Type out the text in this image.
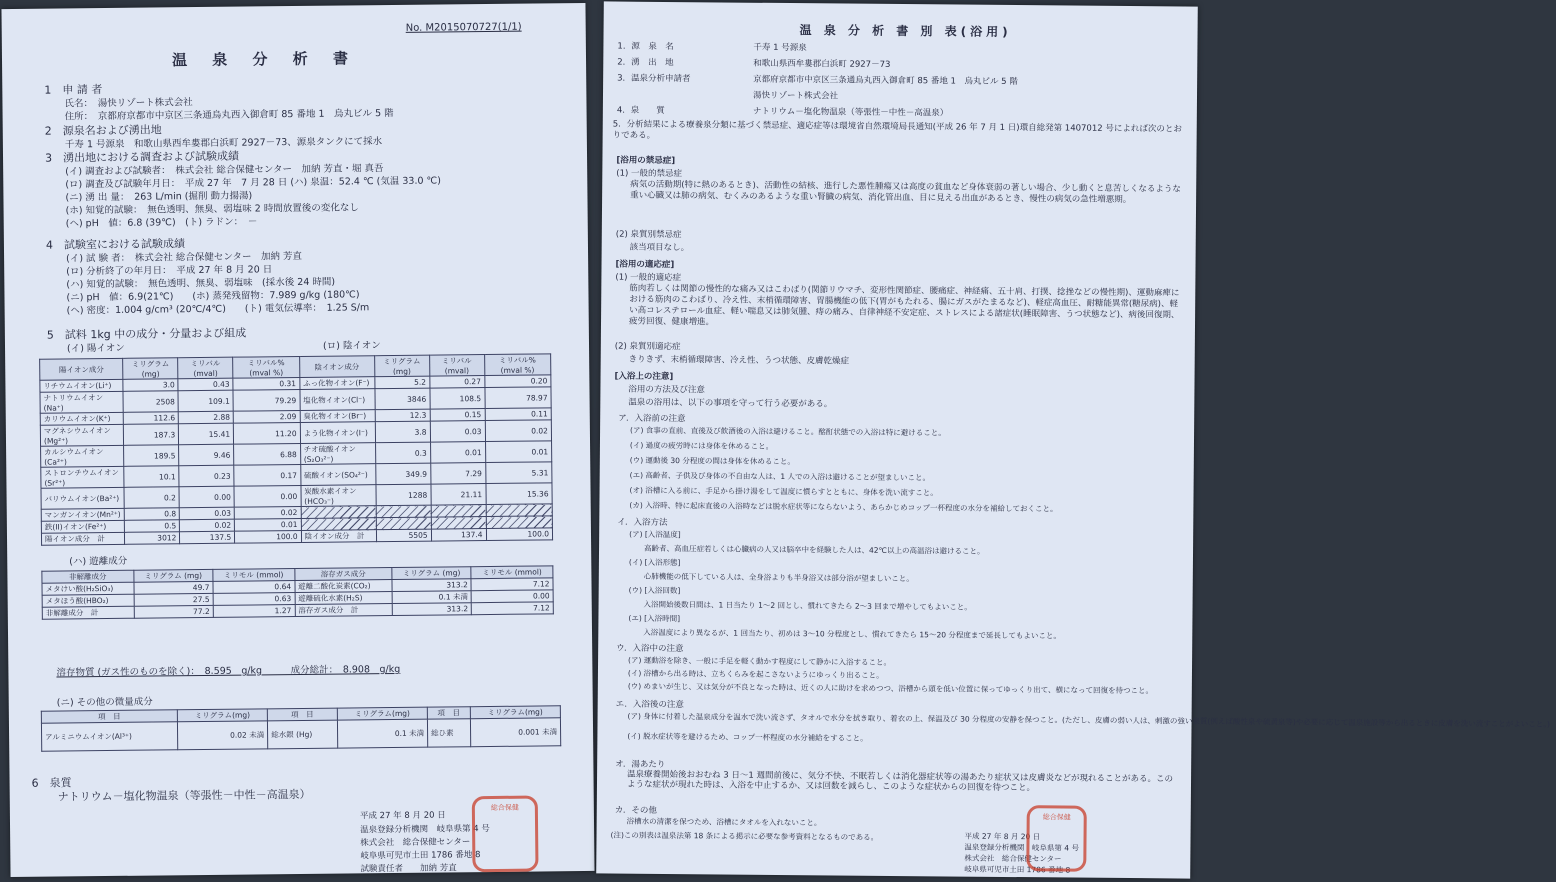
No. M2015070727(1/1)
温 泉 分 析 書
1　申 請 者
氏名：　湯快リゾート株式会社
住所：　京都府京都市中京区三条通烏丸西入御倉町 85 番地 1　烏丸ビル 5 階
2　源泉名および湧出地
千寿 1 号源泉　和歌山県西牟婁郡白浜町 2927－73、源泉タンクにて採水
3　湧出地における調査および試験成績
(イ) 調査および試験者：　株式会社 総合保健センター　加納 芳直・堀 真吾
(ロ) 調査及び試験年月日：　平成 27 年　7 月 28 日 (ハ) 泉温：52.4 ℃ (気温 33.0 ℃)
(ニ) 湧 出 量：　263 L/min (掘削 動力揚湯)
(ホ) 知覚的試験：　無色透明、無臭、弱塩味 2 時間放置後の変化なし
(ヘ) pH　値：6.8 (39℃)　(ト) ラドン：　－
4　試験室における試験成績
(イ) 試 験 者：　株式会社 総合保健センター　加納 芳直
(ロ) 分析終了の年月日：　平成 27 年 8 月 20 日
(ハ) 知覚的試験：　無色透明、無臭、弱塩味　(採水後 24 時間)
(ニ) pH　値：6.9(21℃)　　(ホ) 蒸発残留物：7.989 g/kg (180℃)
(ヘ) 密度：1.004 g/cm³ (20℃/4℃)　　(ト) 電気伝導率：　1.25 S/m
5　試料 1kg 中の成分・分量および組成
(イ) 陽イオン	(ロ) 陰イオン
陽イオン成分	ミリグラム (mg)	ミリバル (mval)	ミリバル% (mval %)	陰イオン成分	ミリグラム (mg)	ミリバル (mval)	ミリバル% (mval %)
リチウムイオン(Li⁺)	3.0	0.43	0.31	ふっ化物イオン(F⁻)	5.2	0.27	0.20
ナトリウムイオン(Na⁺)	2508	109.1	79.29	塩化物イオン(Cl⁻)	3846	108.5	78.97
カリウムイオン(K⁺)	112.6	2.88	2.09	臭化物イオン(Br⁻)	12.3	0.15	0.11
マグネシウムイオン(Mg²⁺)	187.3	15.41	11.20	よう化物イオン(I⁻)	3.8	0.03	0.02
カルシウムイオン(Ca²⁺)	189.5	9.46	6.88	チオ硫酸イオン(S₂O₃²⁻)	0.3	0.01	0.01
ストロンチウムイオン(Sr²⁺)	10.1	0.23	0.17	硫酸イオン(SO₄²⁻)	349.9	7.29	5.31
バリウムイオン(Ba²⁺)	0.2	0.00	0.00	炭酸水素イオン(HCO₃⁻)	1288	21.11	15.36
マンガンイオン(Mn²⁺)	0.8	0.03	0.02				
鉄(II)イオン(Fe²⁺)	0.5	0.02	0.01				
陽イオン成分　計	3012	137.5	100.0	陰イオン成分　計	5505	137.4	100.0
(ハ) 遊離成分
非解離成分	ミリグラム (mg)	ミリモル (mmol)	溶存ガス成分	ミリグラム (mg)	ミリモル (mmol)
メタけい酸(H₂SiO₃)	49.7	0.64	遊離二酸化炭素(CO₂)	313.2	7.12
メタほう酸(HBO₂)	27.5	0.63	遊離硫化水素(H₂S)	0.1 未満	0.00
非解離成分　計	77.2	1.27	溶存ガス成分　計	313.2	7.12
溶存物質 (ガス性のものを除く)：　8.595　g/kg　　　成分総計：　8.908　g/kg
(ニ) その他の微量成分
項　目	ミリグラム(mg)	項　目	ミリグラム(mg)	項　目	ミリグラム(mg)
アルミニウムイオン(Al³⁺)	0.02 未満	総水銀 (Hg)	0.1 未満	総ひ素	0.001 未満
6　泉質
ナトリウム－塩化物温泉（等張性－中性－高温泉）
平成 27 年 8 月 20 日
温泉登録分析機関　岐阜県第 4 号
株式会社　総合保健センター
岐阜県可児市土田 1786 番地 8
試験責任者　　加納 芳直
総合保健
温 泉 分 析 書 別 表(浴用)
1．源　泉　名	千寿 1 号源泉
2．湧　出　地	和歌山県西牟婁郡白浜町 2927－73
3．温泉分析申請者	京都府京都市中京区三条通烏丸西入御倉町 85 番地 1　烏丸ビル 5 階
湯快リゾート株式会社
4．泉　　質	ナトリウム－塩化物温泉（等張性－中性－高温泉）
5．分析結果による療養泉分類に基づく禁忌症、適応症等は環境省自然環境局長通知(平成 26 年 7 月 1 日)環自総発第 1407012 号によれば次のとおりである。
[浴用の禁忌症]
(1) 一般的禁忌症
病気の活動期(特に熱のあるとき)、活動性の結核、進行した悪性腫瘍又は高度の貧血など身体衰弱の著しい場合、少し動くと息苦しくなるような重い心臓又は肺の病気、むくみのあるような重い腎臓の病気、消化管出血、目に見える出血があるとき、慢性の病気の急性増悪期。
(2) 泉質別禁忌症
該当項目なし。
[浴用の適応症]
(1) 一般的適応症
筋肉若しくは関節の慢性的な痛み又はこわばり(関節リウマチ、変形性関節症、腰痛症、神経痛、五十肩、打撲、捻挫などの慢性期)、運動麻痺における筋肉のこわばり、冷え性、末梢循環障害、胃腸機能の低下(胃がもたれる、腸にガスがたまるなど)、軽症高血圧、耐糖能異常(糖尿病)、軽い高コレステロール血症、軽い喘息又は肺気腫、痔の痛み、自律神経不安定症、ストレスによる諸症状(睡眠障害、うつ状態など)、病後回復期、疲労回復、健康増進。
(2) 泉質別適応症
きりきず、末梢循環障害、冷え性、うつ状態、皮膚乾燥症
[入浴上の注意]
浴用の方法及び注意
温泉の浴用は、以下の事項を守って行う必要がある。
ア．入浴前の注意
(ア) 食事の直前、直後及び飲酒後の入浴は避けること。酩酊状態での入浴は特に避けること。
(イ) 過度の疲労時には身体を休めること。
(ウ) 運動後 30 分程度の間は身体を休めること。
(エ) 高齢者、子供及び身体の不自由な人は、1 人での入浴は避けることが望ましいこと。
(オ) 浴槽に入る前に、手足から掛け湯をして温度に慣らすとともに、身体を洗い流すこと。
(カ) 入浴時、特に起床直後の入浴時などは脱水症状等にならないよう、あらかじめコップ一杯程度の水分を補給しておくこと。
イ．入浴方法
(ア) [入浴温度]
　　高齢者、高血圧症若しくは心臓病の人又は脳卒中を経験した人は、42℃以上の高温浴は避けること。
(イ) [入浴形態]
　　心肺機能の低下している人は、全身浴よりも半身浴又は部分浴が望ましいこと。
(ウ) [入浴回数]
　　入浴開始後数日間は、1 日当たり 1～2 回とし、慣れてきたら 2～3 回まで増やしてもよいこと。
(エ) [入浴時間]
　　入浴温度により異なるが、1 回当たり、初めは 3～10 分程度とし、慣れてきたら 15～20 分程度まで延長してもよいこと。
ウ．入浴中の注意
(ア) 運動浴を除き、一般に手足を軽く動かす程度にして静かに入浴すること。
(イ) 浴槽から出る時は、立ちくらみを起こさないようにゆっくり出ること。
(ウ) めまいが生じ、又は気分が不良となった時は、近くの人に助けを求めつつ、浴槽から頭を低い位置に保ってゆっくり出て、横になって回復を待つこと。
エ．入浴後の注意
(ア) 身体に付着した温泉成分を温水で洗い流さず、タオルで水分を拭き取り、着衣の上、保温及び 30 分程度の安静を保つこと。(ただし、皮膚の弱い人は、刺激の強い泉質(例えば酸性泉や硫黄泉等)や必要に応じて温泉施設等から出るときに皮膚を洗い流すことがよいこと。)
(イ) 脱水症状等を避けるため、コップ一杯程度の水分補給をすること。
オ．湯あたり
温泉療養開始後おおむね 3 日～1 週間前後に、気分不快、不眠若しくは消化器症状等の湯あたり症状又は皮膚炎などが現れることがある。このような症状が現れた時は、入浴を中止するか、又は回数を減らし、このような症状からの回復を待つこと。
カ．その他
浴槽水の清潔を保つため、浴槽にタオルを入れないこと。
(注)この別表は温泉法第 18 条による掲示に必要な参考資料となるものである。	平成 27 年 8 月 20 日
温泉登録分析機関　岐阜県第 4 号
株式会社　総合保健センター
岐阜県可児市土田 1786 番地 8
総合保健
